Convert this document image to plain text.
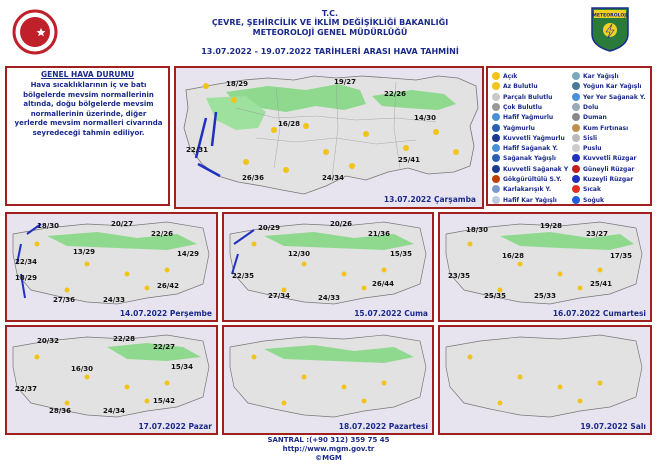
T.C.
ÇEVRE, ŞEHİRCİLİK VE İKLİM DEĞİŞİKLİĞİ BAKANLIĞI
METEOROLOJİ GENEL MÜDÜRLÜĞÜ
13.07.2022 - 19.07.2022 TARİHLERİ ARASI HAVA TAHMİNİ
METEOROLOJİ
GENEL HAVA DURUMU
Hava sıcaklıklarının iç ve batı bölgelerde mevsim normallerinin altında, doğu bölgelerde mevsim normallerinin üzerinde, diğer yerlerde mevsim normalleri civarında seyredeceği tahmin ediliyor.
18/29	19/27
22/26
14/30
16/28
22/31
25/41
26/36	24/34
13.07.2022 Çarşamba
Açık
Az Bulutlu
Parçalı Bulutlu
Çok Bulutlu
Hafif Yağmurlu
Yağmurlu
Kuvvetli Yağmurlu
Hafif Sağanak Y.
Sağanak Yağışlı
Kuvvetli Sağanak Y
Gökgürültülü S.Y.
Karlakarışık Y.
Hafif Kar Yağışlı
Kar Yağışlı
Yoğun Kar Yağışlı
Yer Yer Sağanak Y.
Dolu
Duman
Kum Fırtınası
Sisli
Puslu
Kuvvetli Rüzgar
Güneyli Rüzgar
Kuzeyli Rüzgar
Sıcak
Soğuk
18/30	20/27
22/26
13/29	14/29
18/29
26/42
22/34
27/36	24/33
14.07.2022 Perşembe
20/29	20/26
21/36
12/30	15/35
22/35
26/44
27/34	24/33
15.07.2022 Cuma
18/30	19/28
23/27
16/28	17/35
23/35
25/41
25/35	25/33
16.07.2022 Cumartesi
20/32	22/28
22/27
16/30	15/34
22/37
15/42
28/36	24/34
17.07.2022 Pazar	18.07.2022 Pazartesi	19.07.2022 Salı
SANTRAL :(+90 312) 359 75 45
http://www.mgm.gov.tr
©MGM
